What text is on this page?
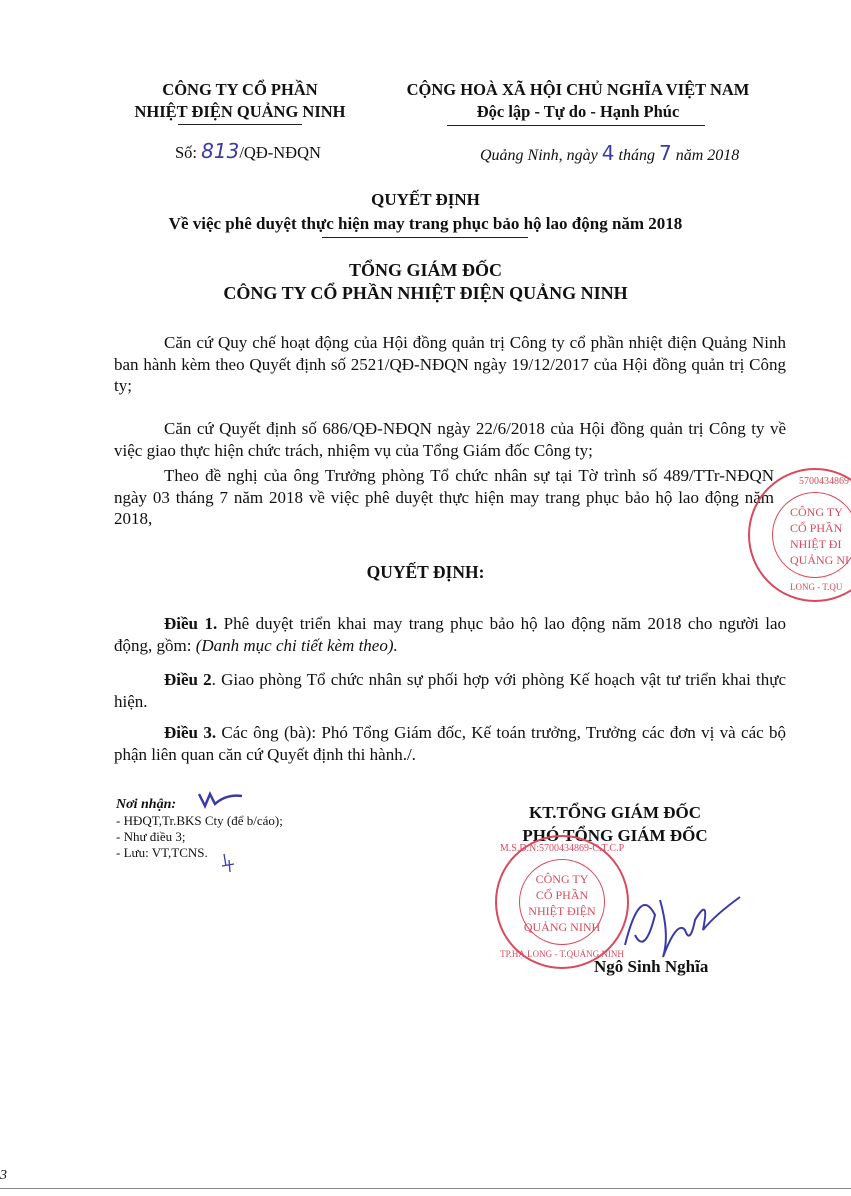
CÔNG TY CỔ PHẦN
NHIỆT ĐIỆN QUẢNG NINH
CỘNG HOÀ XÃ HỘI CHỦ NGHĨA VIỆT NAM
Độc lập - Tự do - Hạnh Phúc
Số: 813/QĐ-NĐQN	Quảng Ninh, ngày 4 tháng 7 năm 2018
QUYẾT ĐỊNH
Về việc phê duyệt thực hiện may trang phục bảo hộ lao động năm 2018
TỔNG GIÁM ĐỐC
CÔNG TY CỔ PHẦN NHIỆT ĐIỆN QUẢNG NINH
Căn cứ Quy chế hoạt động của Hội đồng quản trị Công ty cổ phần nhiệt điện Quảng Ninh ban hành kèm theo Quyết định số 2521/QĐ-NĐQN ngày 19/12/2017 của Hội đồng quản trị Công ty;
Căn cứ Quyết định số 686/QĐ-NĐQN ngày 22/6/2018 của Hội đồng quản trị Công ty về việc giao thực hiện chức trách, nhiệm vụ của Tổng Giám đốc Công ty;
Theo đề nghị của ông Trưởng phòng Tổ chức nhân sự tại Tờ trình số 489/TTr-NĐQN ngày 03 tháng 7 năm 2018 về việc phê duyệt thực hiện may trang phục bảo hộ lao động năm 2018,
QUYẾT ĐỊNH:
Điều 1. Phê duyệt triển khai may trang phục bảo hộ lao động năm 2018 cho người lao động, gồm: (Danh mục chi tiết kèm theo).
Điều 2. Giao phòng Tổ chức nhân sự phối hợp với phòng Kế hoạch vật tư triển khai thực hiện.
Điều 3. Các ông (bà): Phó Tổng Giám đốc, Kế toán trưởng, Trưởng các đơn vị và các bộ phận liên quan căn cứ Quyết định thi hành./.
Nơi nhận:
- HĐQT,Tr.BKS Cty (để b/cáo);
- Như điều 3;
- Lưu: VT,TCNS.
KT.TỔNG GIÁM ĐỐC
PHÓ TỔNG GIÁM ĐỐC
M.S.D.N:5700434869-C.T.C.P
CÔNG TY
CỔ PHẦN
NHIỆT ĐIỆN
QUẢNG NINH
TP.HẠ LONG - T.QUẢNG NINH
Ngô Sinh Nghĩa
5700434869
CÔNG TY
CỔ PHẦN
NHIỆT ĐI
QUẢNG NI
LONG - T.QU
3
